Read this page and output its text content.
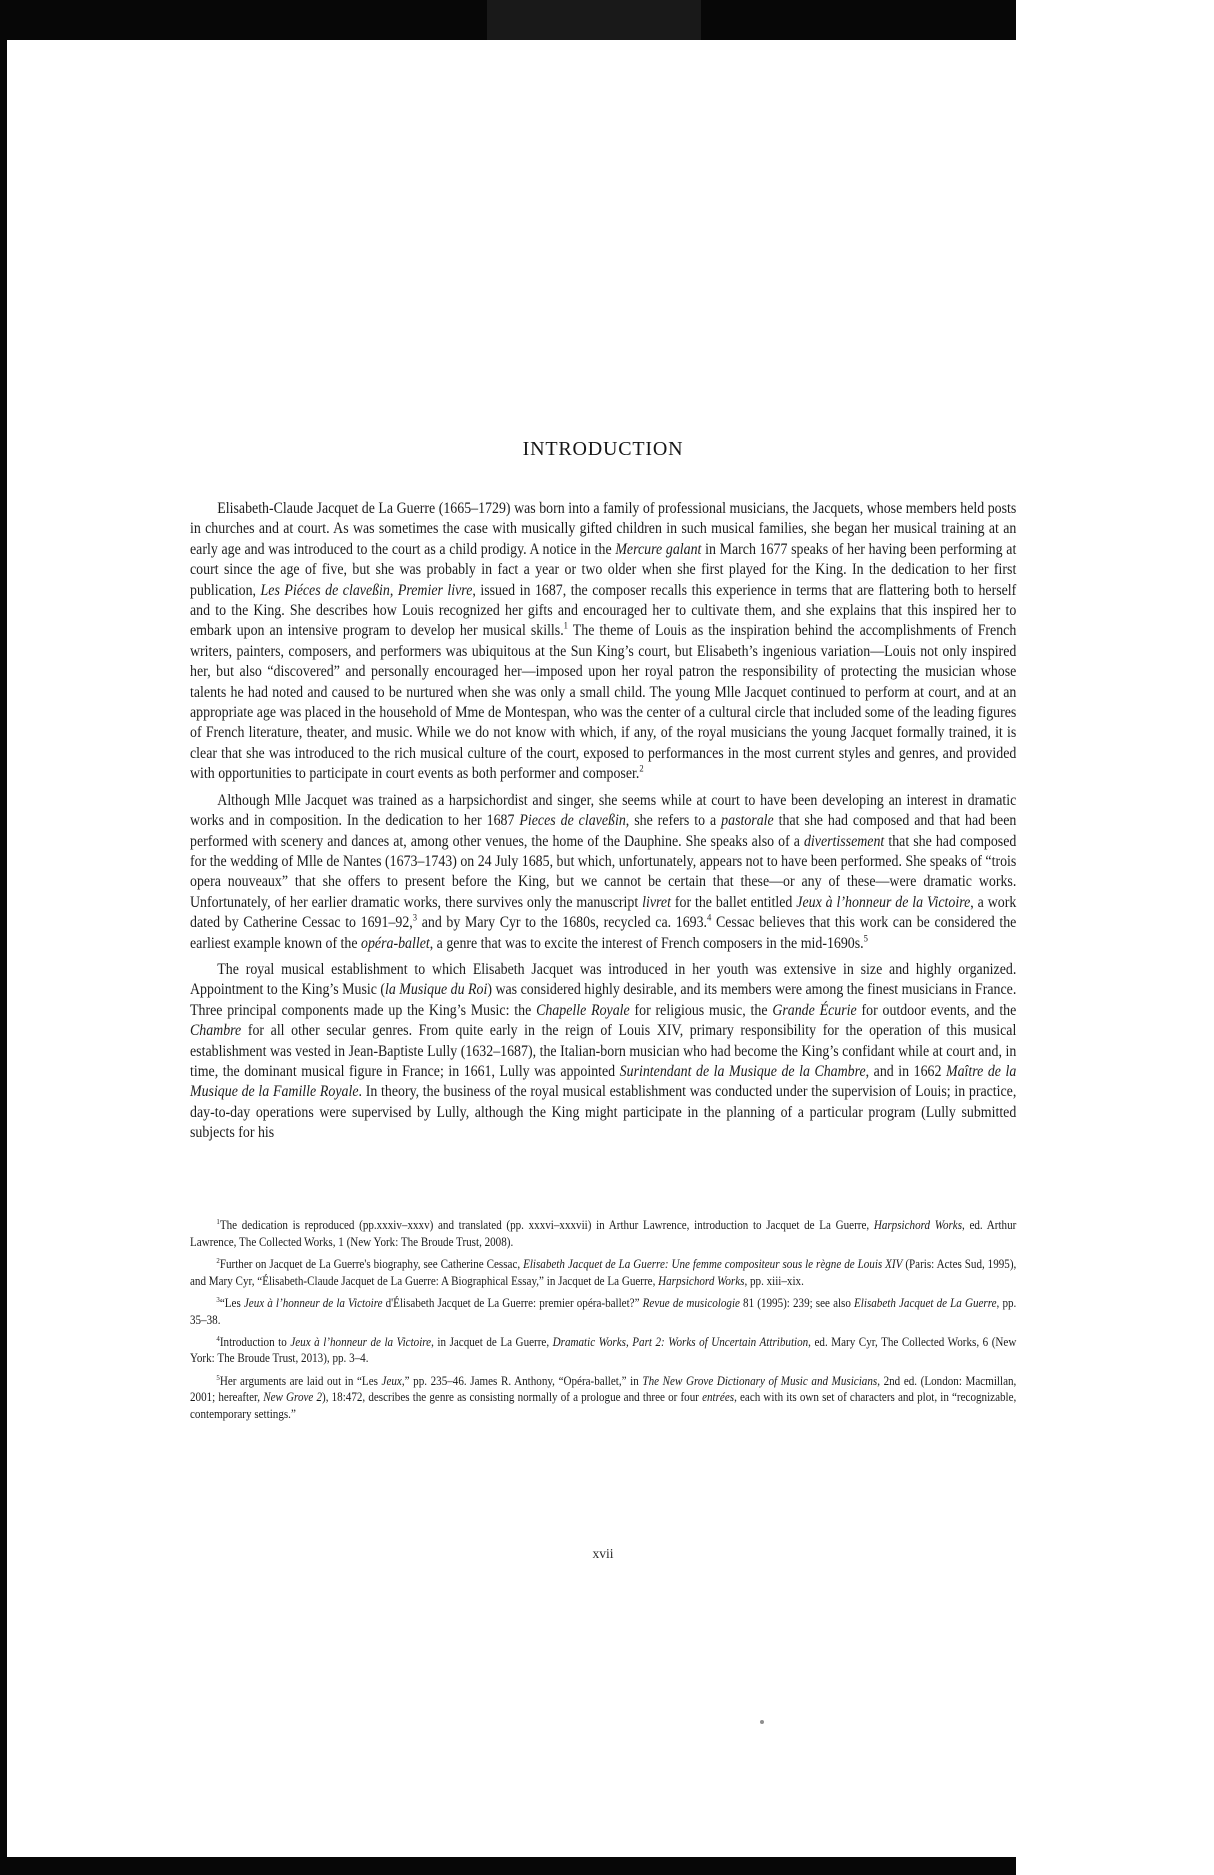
INTRODUCTION

Elisabeth-Claude Jacquet de La Guerre (1665–1729) was born into a family of professional musicians, the Jacquets, whose members held posts in churches and at court. As was sometimes the case with musically gifted children in such musical families, she began her musical training at an early age and was introduced to the court as a child prodigy. A notice in the Mercure galant in March 1677 speaks of her having been performing at court since the age of five, but she was probably in fact a year or two older when she first played for the King. In the dedication to her first publication, Les Piéces de claveßin, Premier livre, issued in 1687, the composer recalls this experience in terms that are flattering both to herself and to the King. She describes how Louis recognized her gifts and encouraged her to cultivate them, and she explains that this inspired her to embark upon an intensive program to develop her musical skills.$^1$ The theme of Louis as the inspiration behind the accomplishments of French writers, painters, composers, and performers was ubiquitous at the Sun King’s court, but Elisabeth’s ingenious variation—Louis not only inspired her, but also “discovered” and personally encouraged her—imposed upon her royal patron the responsibility of protecting the musician whose talents he had noted and caused to be nurtured when she was only a small child. The young Mlle Jacquet continued to perform at court, and at an appropriate age was placed in the household of Mme de Montespan, who was the center of a cultural circle that included some of the leading figures of French literature, theater, and music. While we do not know with which, if any, of the royal musicians the young Jacquet formally trained, it is clear that she was introduced to the rich musical culture of the court, exposed to performances in the most current styles and genres, and provided with opportunities to participate in court events as both performer and composer.$^2$

Although Mlle Jacquet was trained as a harpsichordist and singer, she seems while at court to have been developing an interest in dramatic works and in composition. In the dedication to her 1687 Pieces de claveßin, she refers to a pastorale that she had composed and that had been performed with scenery and dances at, among other venues, the home of the Dauphine. She speaks also of a divertissement that she had composed for the wedding of Mlle de Nantes (1673–1743) on 24 July 1685, but which, unfortunately, appears not to have been performed. She speaks of “trois opera nouveaux” that she offers to present before the King, but we cannot be certain that these—or any of these—were dramatic works. Unfortunately, of her earlier dramatic works, there survives only the manuscript livret for the ballet entitled Jeux à l’honneur de la Victoire, a work dated by Catherine Cessac to 1691–92,$^3$ and by Mary Cyr to the 1680s, recycled ca. 1693.$^4$ Cessac believes that this work can be considered the earliest example known of the opéra-ballet, a genre that was to excite the interest of French composers in the mid-1690s.$^5$

The royal musical establishment to which Elisabeth Jacquet was introduced in her youth was extensive in size and highly organized. Appointment to the King’s Music (la Musique du Roi) was considered highly desirable, and its members were among the finest musicians in France. Three principal components made up the King’s Music: the Chapelle Royale for religious music, the Grande Écurie for outdoor events, and the Chambre for all other secular genres. From quite early in the reign of Louis XIV, primary responsibility for the operation of this musical establishment was vested in Jean-Baptiste Lully (1632–1687), the Italian-born musician who had become the King’s confidant while at court and, in time, the dominant musical figure in France; in 1661, Lully was appointed Surintendant de la Musique de la Chambre, and in 1662 Maître de la Musique de la Famille Royale. In theory, the business of the royal musical establishment was conducted under the supervision of Louis; in practice, day-to-day operations were supervised by Lully, although the King might participate in the planning of a particular program (Lully submitted subjects for his

$^1$The dedication is reproduced (pp.xxxiv–xxxv) and translated (pp. xxxvi–xxxvii) in Arthur Lawrence, introduction to Jacquet de La Guerre, Harpsichord Works, ed. Arthur Lawrence, The Collected Works, 1 (New York: The Broude Trust, 2008).

$^2$Further on Jacquet de La Guerre's biography, see Catherine Cessac, Elisabeth Jacquet de La Guerre: Une femme compositeur sous le règne de Louis XIV (Paris: Actes Sud, 1995), and Mary Cyr, “Élisabeth-Claude Jacquet de La Guerre: A Biographical Essay,” in Jacquet de La Guerre, Harpsichord Works, pp. xiii–xix.

$^3$“Les Jeux à l’honneur de la Victoire d'Élisabeth Jacquet de La Guerre: premier opéra-ballet?” Revue de musicologie 81 (1995): 239; see also Elisabeth Jacquet de La Guerre, pp. 35–38.

$^4$Introduction to Jeux à l’honneur de la Victoire, in Jacquet de La Guerre, Dramatic Works, Part 2: Works of Uncertain Attribution, ed. Mary Cyr, The Collected Works, 6 (New York: The Broude Trust, 2013), pp. 3–4.

$^5$Her arguments are laid out in “Les Jeux,” pp. 235–46. James R. Anthony, “Opéra-ballet,” in The New Grove Dictionary of Music and Musicians, 2nd ed. (London: Macmillan, 2001; hereafter, New Grove 2), 18:472, describes the genre as consisting normally of a prologue and three or four entrées, each with its own set of characters and plot, in “recognizable, contemporary settings.”

xvii
